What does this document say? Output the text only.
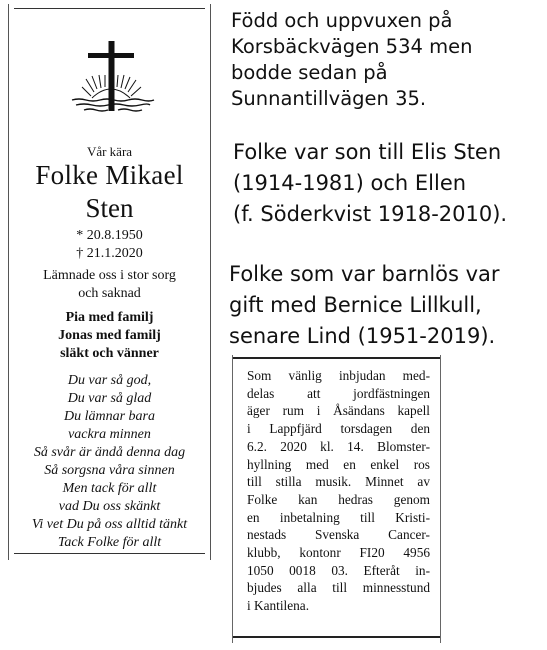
Vår kära
Folke Mikael
Sten
* 20.8.1950
† 21.1.2020
Lämnade oss i stor sorg
och saknad
Pia med familj
Jonas med familj
släkt och vänner
Du var så god,
Du var så glad
Du lämnar bara
vackra minnen
Så svår är ändå denna dag
Så sorgsna våra sinnen
Men tack för allt
vad Du oss skänkt
Vi vet Du på oss alltid tänkt
Tack Folke för allt
Född och uppvuxen på
Korsbäckvägen 534 men
bodde sedan på
Sunnantillvägen 35.
Folke var son till Elis Sten
(1914-1981) och Ellen
(f. Söderkvist 1918-2010).
Folke som var barnlös var
gift med Bernice Lillkull,
senare Lind (1951-2019).
Som vänlig inbjudan med-
delas att jordfästningen
äger rum i Åsändans kapell
i Lappfjärd torsdagen den
6.2. 2020 kl. 14. Blomster-
hyllning med en enkel ros
till stilla musik. Minnet av
Folke kan hedras genom
en inbetalning till Kristi-
nestads Svenska Cancer-
klubb, kontonr FI20 4956
1050 0018 03. Efteråt in-
bjudes alla till minnesstund
i Kantilena.
